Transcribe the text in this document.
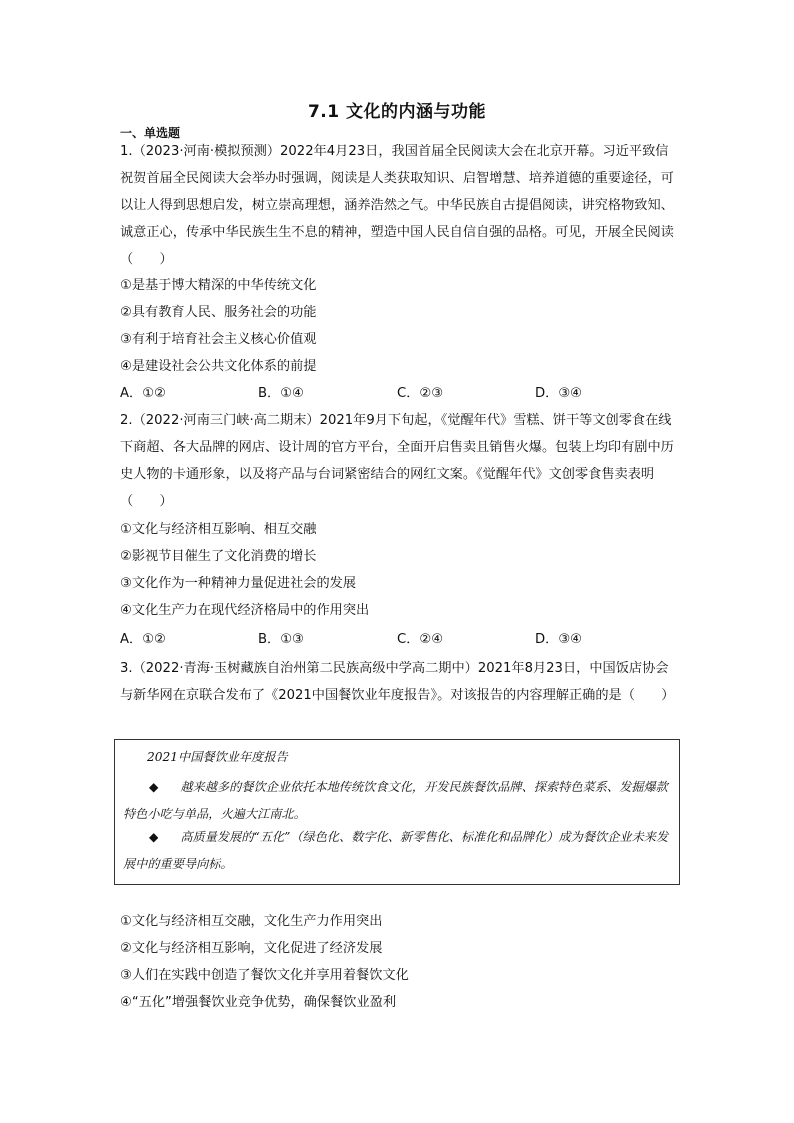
7.1 文化的内涵与功能
一、单选题
1.（2023·河南·模拟预测）2022年4月23日，我国首届全民阅读大会在北京开幕。习近平致信祝贺首届全民阅读大会举办时强调，阅读是人类获取知识、启智增慧、培养道德的重要途径，可以让人得到思想启发，树立崇高理想，涵养浩然之气。中华民族自古提倡阅读，讲究格物致知、诚意正心，传承中华民族生生不息的精神，塑造中国人民自信自强的品格。可见，开展全民阅读（　　）
①是基于博大精深的中华传统文化
②具有教育人民、服务社会的功能
③有利于培育社会主义核心价值观
④是建设社会公共文化体系的前提
A．①②	B．①④	C．②③	D．③④
2.（2022·河南三门峡·高二期末）2021年9月下旬起，《觉醒年代》雪糕、饼干等文创零食在线下商超、各大品牌的网店、设计周的官方平台，全面开启售卖且销售火爆。包装上均印有剧中历史人物的卡通形象，以及将产品与台词紧密结合的网红文案。《觉醒年代》文创零食售卖表明（　　）
①文化与经济相互影响、相互交融
②影视节目催生了文化消费的增长
③文化作为一种精神力量促进社会的发展
④文化生产力在现代经济格局中的作用突出
A．①②	B．①③	C．②④	D．③④
3.（2022·青海·玉树藏族自治州第二民族高级中学高二期中）2021年8月23日，中国饭店协会与新华网在京联合发布了《2021中国餐饮业年度报告》。对该报告的内容理解正确的是（　　）
2021中国餐饮业年度报告
◆ 越来越多的餐饮企业依托本地传统饮食文化，开发民族餐饮品牌、探索特色菜系、发掘爆款特色小吃与单品，火遍大江南北。
◆ 高质量发展的“五化”（绿色化、数字化、新零售化、标准化和品牌化）成为餐饮企业未来发展中的重要导向标。
①文化与经济相互交融，文化生产力作用突出
②文化与经济相互影响，文化促进了经济发展
③人们在实践中创造了餐饮文化并享用着餐饮文化
④“五化”增强餐饮业竞争优势，确保餐饮业盈利
